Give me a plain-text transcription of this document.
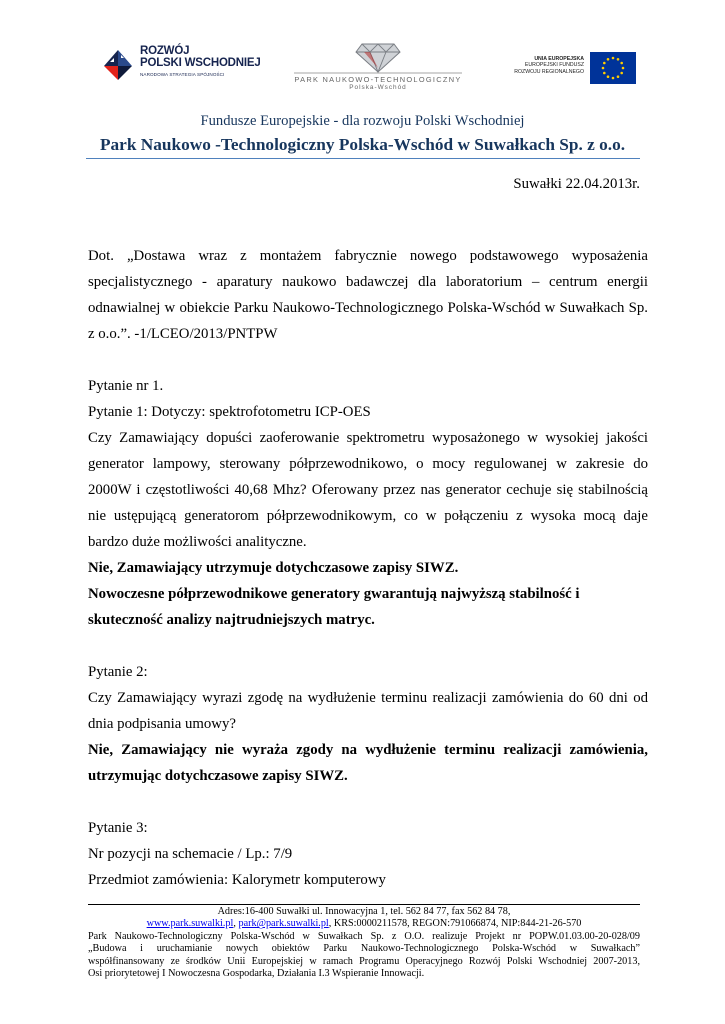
ROZWÓJ
POLSKI WSCHODNIEJ
NARODOWA STRATEGIA SPÓJNOŚCI
PARK NAUKOWO-TECHNOLOGICZNY
Polska-Wschód
UNIA EUROPEJSKA
EUROPEJSKI FUNDUSZ
ROZWOJU REGIONALNEGO
Fundusze Europejskie - dla rozwoju Polski Wschodniej
Park Naukowo -Technologiczny Polska-Wschód w Suwałkach Sp. z o.o.
Suwałki 22.04.2013r.
Dot. „Dostawa wraz z montażem fabrycznie nowego podstawowego wyposażenia
specjalistycznego - aparatury naukowo badawczej dla laboratorium – centrum energii
odnawialnej w obiekcie Parku Naukowo-Technologicznego Polska-Wschód w Suwałkach Sp.
z o.o.”. -1/LCEO/2013/PNTPW
Pytanie nr 1.
Pytanie 1: Dotyczy: spektrofotometru ICP-OES
Czy Zamawiający dopuści zaoferowanie spektrometru wyposażonego w wysokiej jakości
generator lampowy, sterowany półprzewodnikowo, o mocy regulowanej w zakresie do
2000W i częstotliwości 40,68 Mhz? Oferowany przez nas generator cechuje się stabilnością
nie ustępującą generatorom półprzewodnikowym, co w połączeniu z wysoka mocą daje
bardzo duże możliwości analityczne.
Nie, Zamawiający utrzymuje dotychczasowe zapisy SIWZ.
Nowoczesne półprzewodnikowe generatory gwarantują najwyższą stabilność i
skuteczność analizy najtrudniejszych matryc.
Pytanie 2:
Czy Zamawiający wyrazi zgodę na wydłużenie terminu realizacji zamówienia do 60 dni od
dnia podpisania umowy?
Nie, Zamawiający nie wyraża zgody na wydłużenie terminu realizacji zamówienia,
utrzymując dotychczasowe zapisy SIWZ.
Pytanie 3:
Nr pozycji na schemacie / Lp.: 7/9
Przedmiot zamówienia: Kalorymetr komputerowy
Adres:16-400 Suwałki ul. Innowacyjna 1, tel. 562 84 77, fax 562 84 78,
www.park.suwalki.pl, park@park.suwalki.pl, KRS:0000211578, REGON:791066874, NIP:844-21-26-570
Park Naukowo-Technologiczny Polska-Wschód w Suwałkach Sp. z O.O. realizuje Projekt nr POPW.01.03.00-20-028/09
„Budowa i uruchamianie nowych obiektów Parku Naukowo-Technologicznego Polska-Wschód w Suwałkach”
współfinansowany ze środków Unii Europejskiej w ramach Programu Operacyjnego Rozwój Polski Wschodniej 2007-2013,
Osi priorytetowej I Nowoczesna Gospodarka, Działania I.3 Wspieranie Innowacji.
